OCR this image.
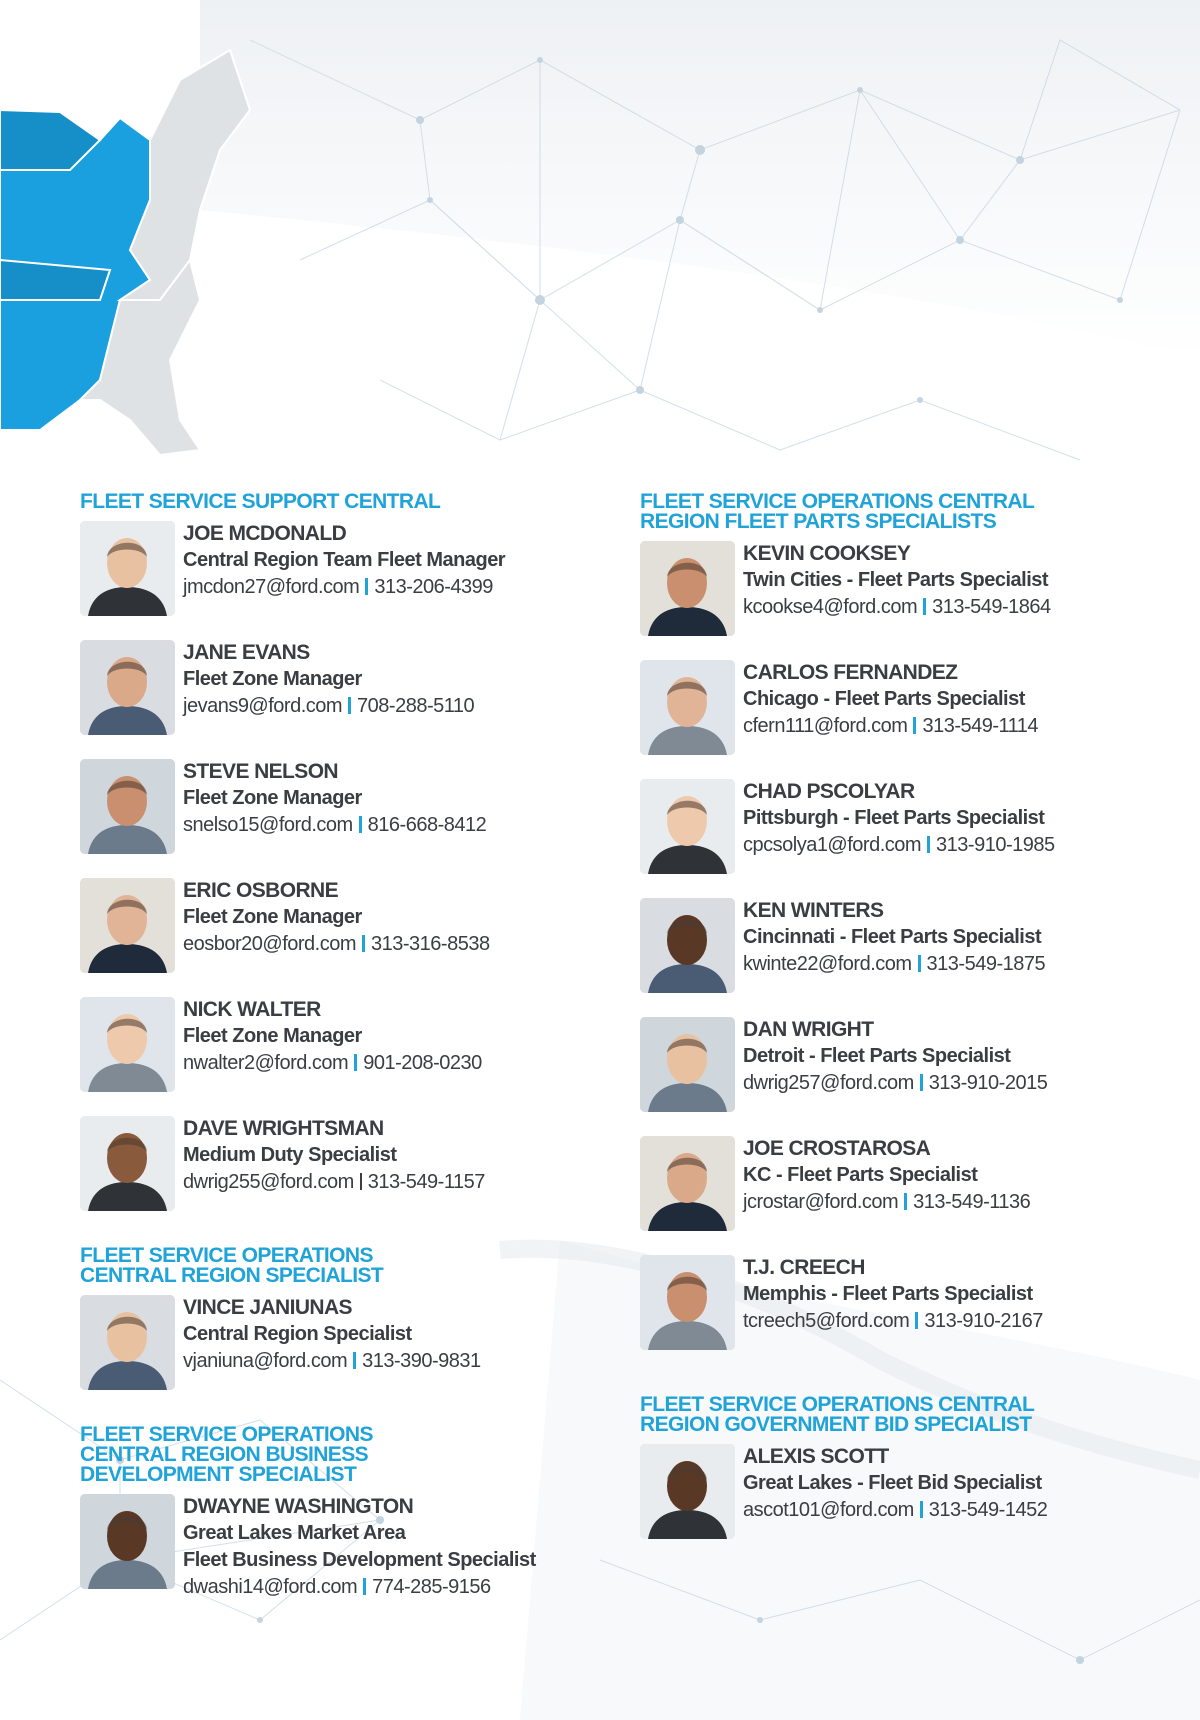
FLEET SERVICE SUPPORT CENTRAL
JOE MCDONALD
Central Region Team Fleet Manager
jmcdon27@ford.com 313-206-4399
JANE EVANS
Fleet Zone Manager
jevans9@ford.com 708-288-5110
STEVE NELSON
Fleet Zone Manager
snelso15@ford.com 816-668-8412
ERIC OSBORNE
Fleet Zone Manager
eosbor20@ford.com 313-316-8538
NICK WALTER
Fleet Zone Manager
nwalter2@ford.com 901-208-0230
DAVE WRIGHTSMAN
Medium Duty Specialist
dwrig255@ford.com 313-549-1157
FLEET SERVICE OPERATIONS
CENTRAL REGION SPECIALIST
VINCE JANIUNAS
Central Region Specialist
vjaniuna@ford.com 313-390-9831
FLEET SERVICE OPERATIONS
CENTRAL REGION BUSINESS
DEVELOPMENT SPECIALIST
DWAYNE WASHINGTON
Great Lakes Market Area
Fleet Business Development Specialist
dwashi14@ford.com 774-285-9156
FLEET SERVICE OPERATIONS CENTRAL
REGION FLEET PARTS SPECIALISTS
KEVIN COOKSEY
Twin Cities - Fleet Parts Specialist
kcookse4@ford.com 313-549-1864
CARLOS FERNANDEZ
Chicago - Fleet Parts Specialist
cfern111@ford.com 313-549-1114
CHAD PSCOLYAR
Pittsburgh - Fleet Parts Specialist
cpcsolya1@ford.com 313-910-1985
KEN WINTERS
Cincinnati - Fleet Parts Specialist
kwinte22@ford.com 313-549-1875
DAN WRIGHT
Detroit - Fleet Parts Specialist
dwrig257@ford.com 313-910-2015
JOE CROSTAROSA
KC - Fleet Parts Specialist
jcrostar@ford.com 313-549-1136
T.J. CREECH
Memphis - Fleet Parts Specialist
tcreech5@ford.com 313-910-2167
FLEET SERVICE OPERATIONS CENTRAL
REGION GOVERNMENT BID SPECIALIST
ALEXIS SCOTT
Great Lakes - Fleet Bid Specialist
ascot101@ford.com 313-549-1452
